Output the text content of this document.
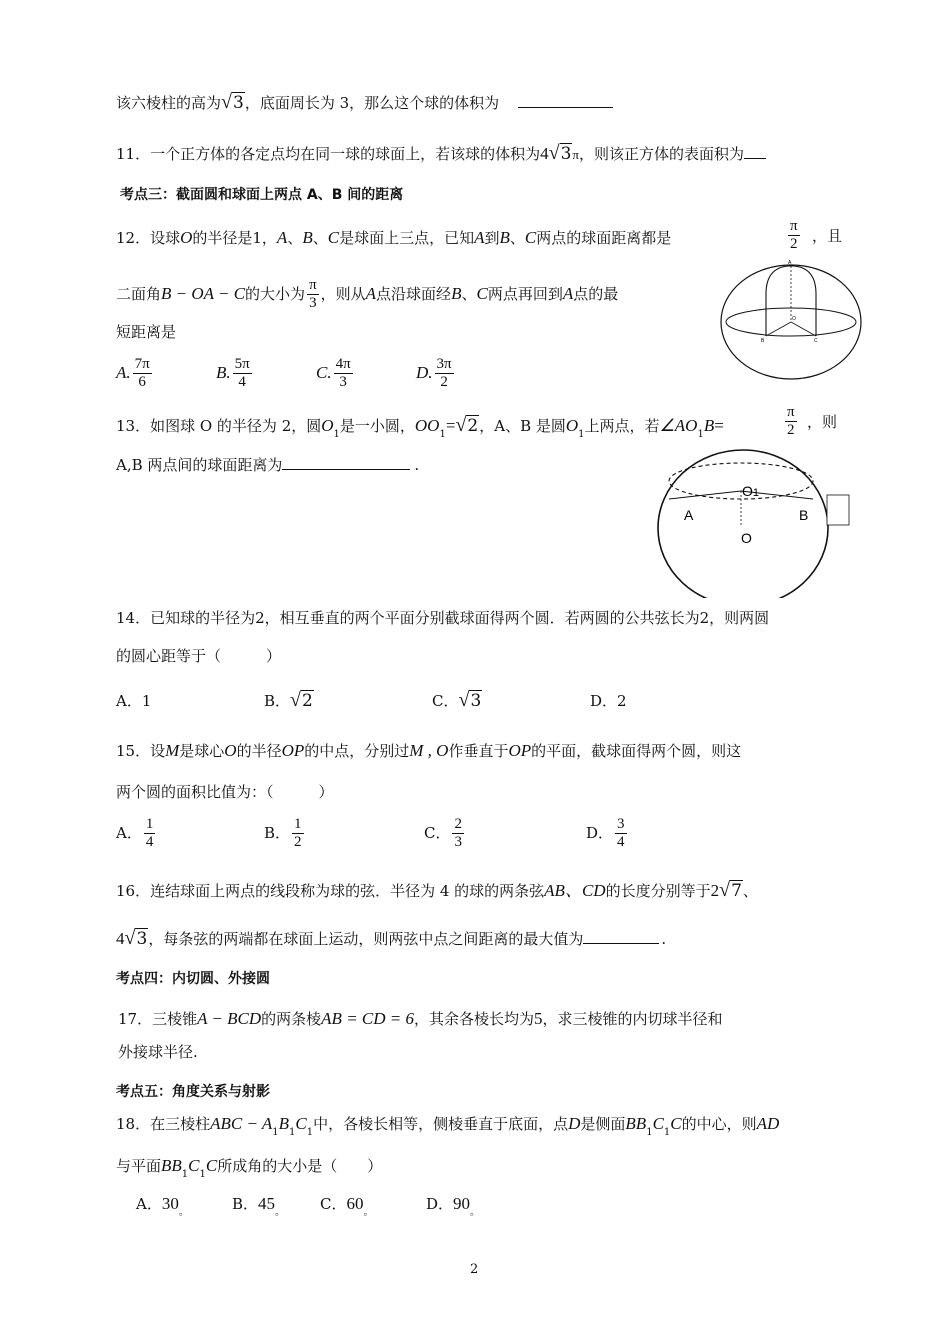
该六棱柱的高为√3，底面周长为 3，那么这个球的体积为
11．一个正方体的各定点均在同一球的球面上，若该球的体积为4√3π，则该正方体的表面积为
考点三：截面圆和球面上两点 A、B 间的距离
12．设球O的半径是1，A、B、C是球面上三点，已知A到B、C两点的球面距离都是	$\frac{\pi}{2}$ ，且
二面角B − OA − C的大小为 $\frac{\pi}{3}$ ，则从A点沿球面经B、C两点再回到A点的最
短距离是
A. $\frac{7\pi}{6}$	B. $\frac{5\pi}{4}$	C. $\frac{4\pi}{3}$	D. $\frac{3\pi}{2}$
A
B
O
C
13．如图球 O 的半径为 2，圆$O_1$是一小圆，$OO_1=√2$，A、B 是圆$O_1$上两点，若$\angle AO_1B=$	$\frac{\pi}{2}$ ，则
A,B 两点间的球面距离为	.
O1
A	B
O
14．已知球的半径为2，相互垂直的两个平面分别截球面得两个圆．若两圆的公共弦长为2，则两圆
的圆心距等于（　　　）
A．1	B．√2	C．√3	D．2
15．设M是球心O的半径OP的中点，分别过M , O作垂直于OP的平面，截球面得两个圆，则这
两个圆的面积比值为：（　　　）
A． $\frac{1}{4}$	B． $\frac{1}{2}$	C． $\frac{2}{3}$	D． $\frac{3}{4}$
16．连结球面上两点的线段称为球的弦．半径为 4 的球的两条弦AB、CD的长度分别等于2√7、
4√3，每条弦的两端都在球面上运动，则两弦中点之间距离的最大值为	.
考点四：内切圆、外接圆
17．三棱锥A − BCD的两条棱AB = CD = 6，其余各棱长均为5，求三棱锥的内切球半径和
外接球半径.
考点五：角度关系与射影
18．在三棱柱ABC − $A_1B_1C_1$中，各棱长相等，侧棱垂直于底面，点D是侧面$BB_1C_1C$的中心，则AD
与平面$BB_1C_1C$所成角的大小是（　　）
A．$30_。$	B．$45_。$ C．$60_。$	D．$90_。$
2
